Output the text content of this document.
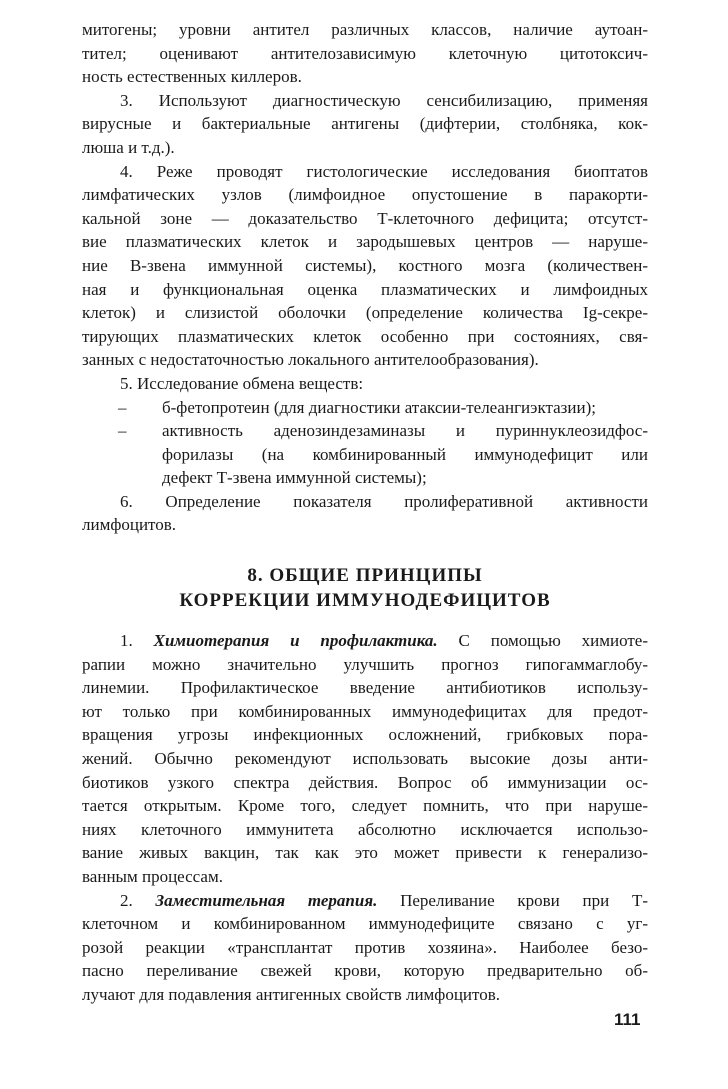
митогены; уровни антител различных классов, наличие аутоан-
тител; оценивают антителозависимую клеточную цитотоксич-
ность естественных киллеров.
3. Используют диагностическую сенсибилизацию, применяя
вирусные и бактериальные антигены (дифтерии, столбняка, кок-
люша и т.д.).
4. Реже проводят гистологические исследования биоптатов
лимфатических узлов (лимфоидное опустошение в паракорти-
кальной зоне — доказательство Т-клеточного дефицита; отсутст-
вие плазматических клеток и зародышевых центров — наруше-
ние В-звена иммунной системы), костного мозга (количествен-
ная и функциональная оценка плазматических и лимфоидных
клеток) и слизистой оболочки (определение количества Ig-секре-
тирующих плазматических клеток особенно при состояниях, свя-
занных с недостаточностью локального антителообразования).
5. Исследование обмена веществ:
–	б-фетопротеин (для диагностики атаксии-телеангиэктазии);
–	активность аденозиндезаминазы и пуриннуклеозидфос-
форилазы (на комбинированный иммунодефицит или
дефект Т-звена иммунной системы);
6. Определение показателя пролиферативной активности
лимфоцитов.
8. ОБЩИЕ ПРИНЦИПЫ
КОРРЕКЦИИ ИММУНОДЕФИЦИТОВ
1. Химиотерапия и профилактика. С помощью химиоте-
рапии можно значительно улучшить прогноз гипогаммаглобу-
линемии. Профилактическое введение антибиотиков использу-
ют только при комбинированных иммунодефицитах для предот-
вращения угрозы инфекционных осложнений, грибковых пора-
жений. Обычно рекомендуют использовать высокие дозы анти-
биотиков узкого спектра действия. Вопрос об иммунизации ос-
тается открытым. Кроме того, следует помнить, что при наруше-
ниях клеточного иммунитета абсолютно исключается использо-
вание живых вакцин, так как это может привести к генерализо-
ванным процессам.
2. Заместительная терапия. Переливание крови при Т-
клеточном и комбинированном иммунодефиците связано с уг-
розой реакции «трансплантат против хозяина». Наиболее безо-
пасно переливание свежей крови, которую предварительно об-
лучают для подавления антигенных свойств лимфоцитов.
111
